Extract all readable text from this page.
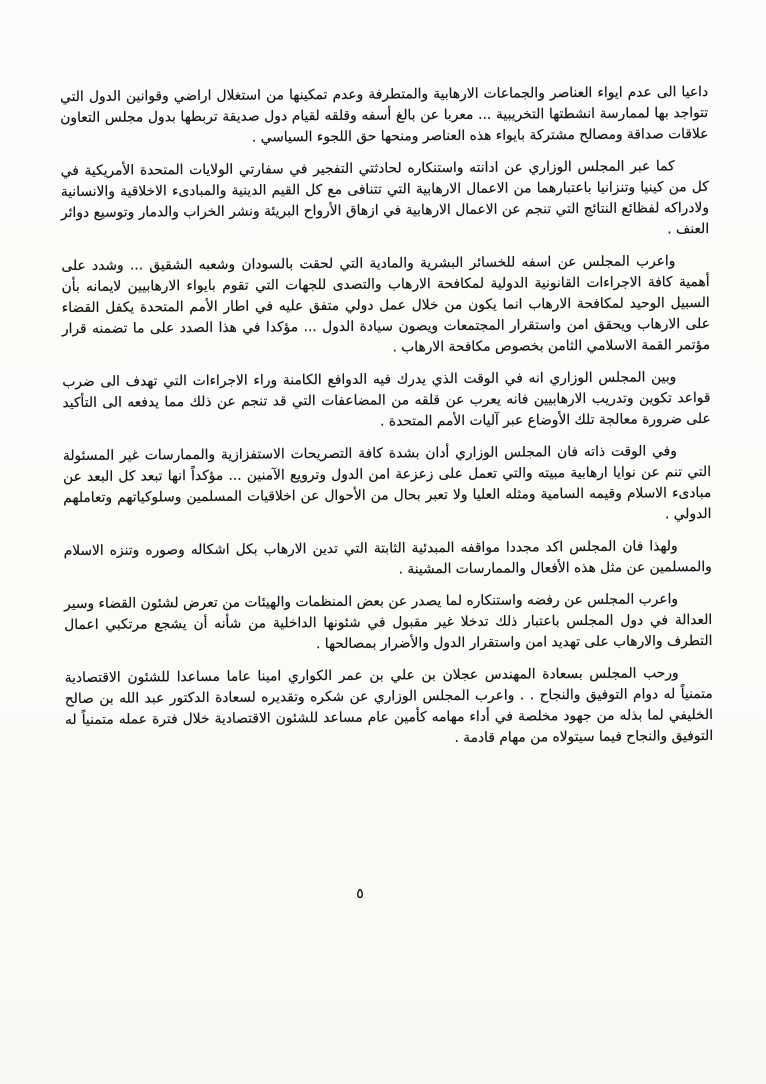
داعيا الى عدم ايواء العناصر والجماعات الارهابية والمتطرفة وعدم تمكينها من استغلال اراضي وقوانين الدول التي تتواجد بها لممارسة انشطتها التخريبية ... معربا عن بالغ أسفه وقلقه لقيام دول صديقة تربطها بدول مجلس التعاون علاقات صداقة ومصالح مشتركة بايواء هذه العناصر ومنحها حق اللجوء السياسي .

كما عبر المجلس الوزاري عن ادانته واستنكاره لحادثتي التفجير في سفارتي الولايات المتحدة الأمريكية في كل من كينيا وتنزانيا باعتبارهما من الاعمال الارهابية التي تتنافى مع كل القيم الدينية والمبادىء الاخلاقية والانسانية ولادراكه لفظائع النتائج التي تنجم عن الاعمال الارهابية في ازهاق الأرواح البريئة ونشر الخراب والدمار وتوسيع دوائر العنف .

واعرب المجلس عن اسفه للخسائر البشرية والمادية التي لحقت بالسودان وشعبه الشقيق ... وشدد على أهمية كافة الاجراءات القانونية الدولية لمكافحة الارهاب والتصدى للجهات التي تقوم بايواء الارهابيين لايمانه بأن السبيل الوحيد لمكافحة الارهاب انما يكون من خلال عمل دولي متفق عليه في اطار الأمم المتحدة يكفل القضاء على الارهاب ويحقق امن واستقرار المجتمعات ويصون سيادة الدول ... مؤكدا في هذا الصدد على ما تضمنه قرار مؤتمر القمة الاسلامي الثامن بخصوص مكافحة الارهاب .

وبين المجلس الوزاري انه في الوقت الذي يدرك فيه الدوافع الكامنة وراء الاجراءات التي تهدف الى ضرب قواعد تكوين وتدريب الارهابيين فانه يعرب عن قلقه من المضاعفات التي قد تنجم عن ذلك مما يدفعه الى التأكيد على ضرورة معالجة تلك الأوضاع عبر آليات الأمم المتحدة .

وفي الوقت ذاته فان المجلس الوزاري أدان بشدة كافة التصريحات الاستفزازية والممارسات غير المسئولة التي تنم عن نوايا ارهابية مبيته والتي تعمل على زعزعة امن الدول وترويع الآمنين ... مؤكداً انها تبعد كل البعد عن مبادىء الاسلام وقيمه السامية ومثله العليا ولا تعبر بحال من الأحوال عن اخلاقيات المسلمين وسلوكياتهم وتعاملهم الدولي .

ولهذا فان المجلس اكد مجددا مواقفه المبدئية الثابتة التي تدين الارهاب بكل اشكاله وصوره وتنزه الاسلام والمسلمين عن مثل هذه الأفعال والممارسات المشينة .

واعرب المجلس عن رفضه واستنكاره لما يصدر عن بعض المنظمات والهيئات من تعرض لشئون القضاء وسير العدالة في دول المجلس باعتبار ذلك تدخلا غير مقبول في شئونها الداخلية من شأنه أن يشجع مرتكبي اعمال التطرف والارهاب على تهديد امن واستقرار الدول والأضرار بمصالحها .

ورحب المجلس بسعادة المهندس عجلان بن علي بن عمر الكواري امينا عاما مساعدا للشئون الاقتصادية متمنياً له دوام التوفيق والنجاح . . واعرب المجلس الوزاري عن شكره وتقديره لسعادة الدكتور عبد الله بن صالح الخليفي لما بذله من جهود مخلصة في أداء مهامه كأمين عام مساعد للشئون الاقتصادية خلال فترة عمله متمنياً له التوفيق والنجاح فيما سيتولاه من مهام قادمة .

٥
